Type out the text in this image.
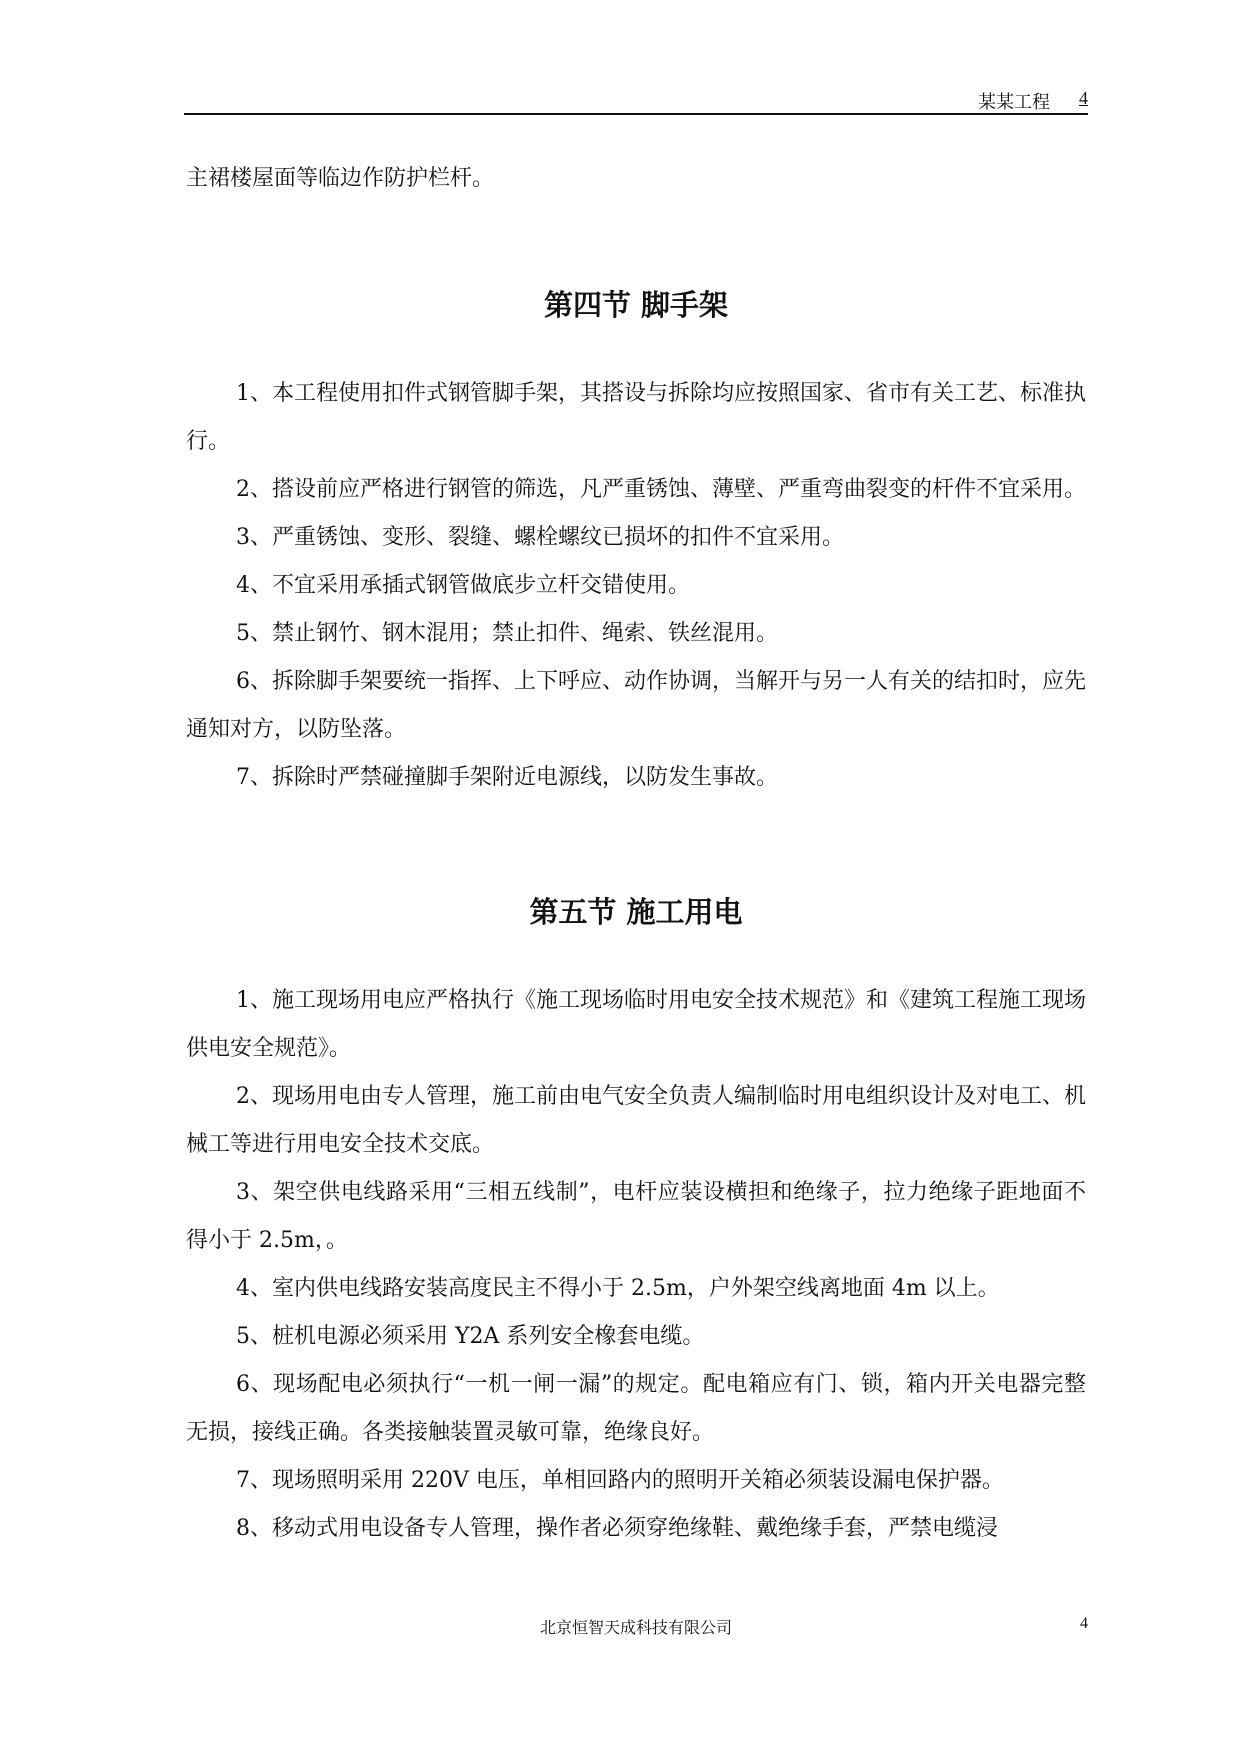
某某工程 4

主裙楼屋面等临边作防护栏杆。

第四节 脚手架

1、本工程使用扣件式钢管脚手架，其搭设与拆除均应按照国家、省市有关工艺、标准执行。

2、搭设前应严格进行钢管的筛选，凡严重锈蚀、薄壁、严重弯曲裂变的杆件不宜采用。

3、严重锈蚀、变形、裂缝、螺栓螺纹已损坏的扣件不宜采用。

4、不宜采用承插式钢管做底步立杆交错使用。

5、禁止钢竹、钢木混用；禁止扣件、绳索、铁丝混用。

6、拆除脚手架要统一指挥、上下呼应、动作协调，当解开与另一人有关的结扣时，应先通知对方，以防坠落。

7、拆除时严禁碰撞脚手架附近电源线，以防发生事故。

第五节 施工用电

1、施工现场用电应严格执行《施工现场临时用电安全技术规范》和《建筑工程施工现场供电安全规范》。

2、现场用电由专人管理，施工前由电气安全负责人编制临时用电组织设计及对电工、机械工等进行用电安全技术交底。

3、架空供电线路采用“三相五线制”，电杆应装设横担和绝缘子，拉力绝缘子距地面不得小于 2.5m，。

4、室内供电线路安装高度民主不得小于 2.5m，户外架空线离地面 4m 以上。

5、桩机电源必须采用 Y2A 系列安全橡套电缆。

6、现场配电必须执行“一机一闸一漏”的规定。配电箱应有门、锁，箱内开关电器完整无损，接线正确。各类接触装置灵敏可靠，绝缘良好。

7、现场照明采用 220V 电压，单相回路内的照明开关箱必须装设漏电保护器。

8、移动式用电设备专人管理，操作者必须穿绝缘鞋、戴绝缘手套，严禁电缆浸

北京恒智天成科技有限公司	4
